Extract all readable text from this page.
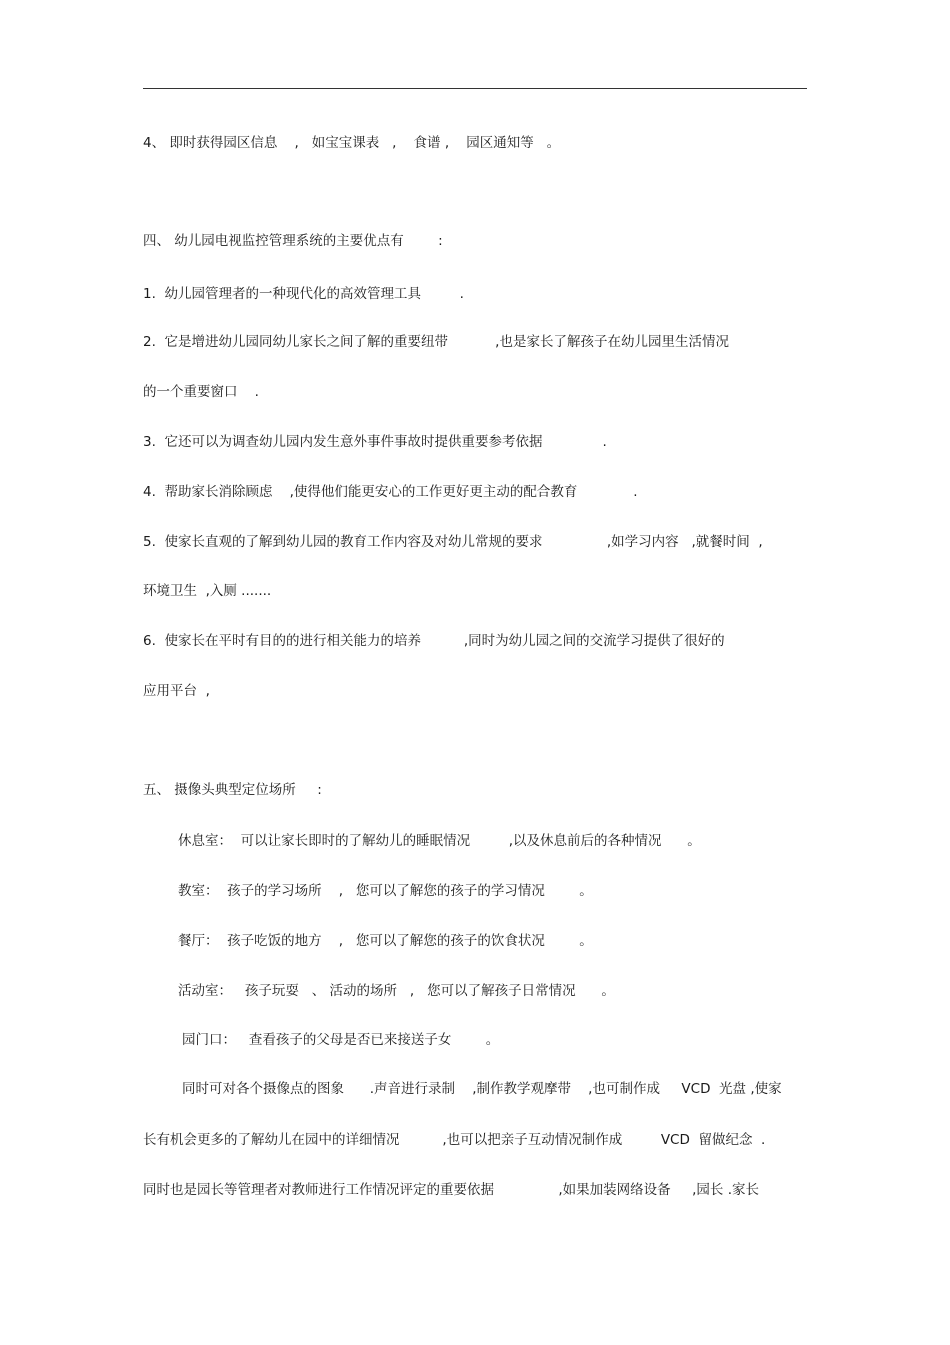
4、 即时获得园区信息    ,   如宝宝课表   ,    食谱 ,    园区通知等   。
四、 幼儿园电视监控管理系统的主要优点有        :
1.  幼儿园管理者的一种现代化的高效管理工具         .
2.  它是增进幼儿园同幼儿家长之间了解的重要纽带           ,也是家长了解孩子在幼儿园里生活情况
的一个重要窗口    .
3.  它还可以为调查幼儿园内发生意外事件事故时提供重要参考依据              .
4.  帮助家长消除顾虑    ,使得他们能更安心的工作更好更主动的配合教育             .
5.  使家长直观的了解到幼儿园的教育工作内容及对幼儿常规的要求               ,如学习内容   ,就餐时间  ,
环境卫生  ,入厕 .......
6.  使家长在平时有目的的进行相关能力的培养          ,同时为幼儿园之间的交流学习提供了很好的
应用平台  ,
五、 摄像头典型定位场所     :
休息室：  可以让家长即时的了解幼儿的睡眠情况         ,以及休息前后的各种情况      。
教室：  孩子的学习场所    ,   您可以了解您的孩子的学习情况        。
餐厅：  孩子吃饭的地方    ,   您可以了解您的孩子的饮食状况        。
活动室：   孩子玩耍   、 活动的场所   ,   您可以了解孩子日常情况      。
园门口：   查看孩子的父母是否已来接送子女        。
同时可对各个摄像点的图象      .声音进行录制    ,制作教学观摩带    ,也可制作成     VCD  光盘 ,使家
长有机会更多的了解幼儿在园中的详细情况          ,也可以把亲子互动情况制作成         VCD  留做纪念  .
同时也是园长等管理者对教师进行工作情况评定的重要依据               ,如果加装网络设备     ,园长 .家长
